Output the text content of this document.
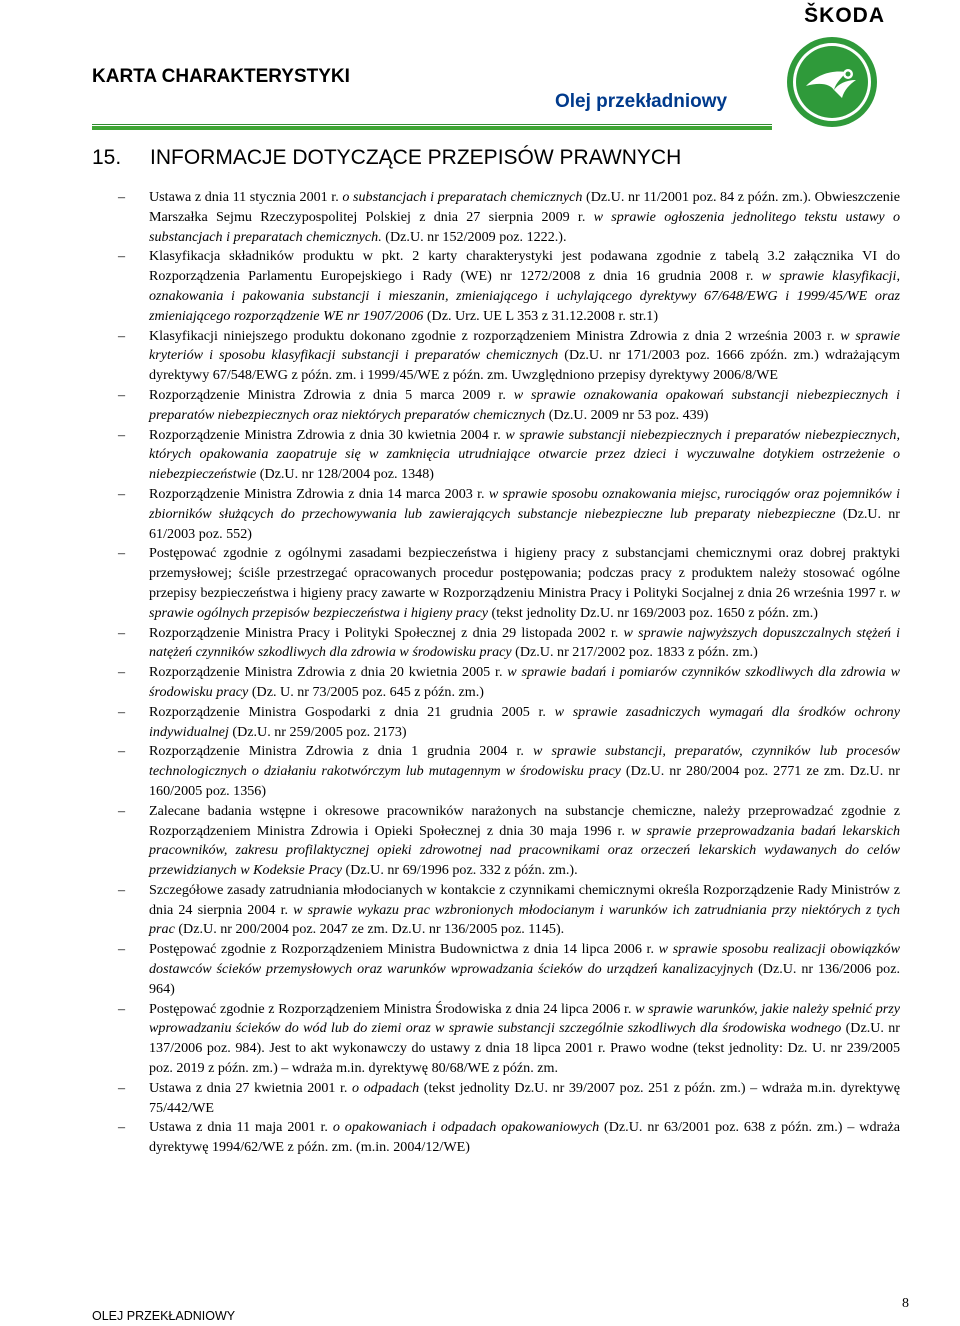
ŠKODA
KARTA CHARAKTERYSTYKI
Olej przekładniowy
15. INFORMACJE DOTYCZĄCE PRZEPISÓW PRAWNYCH

– Ustawa z dnia 11 stycznia 2001 r. o substancjach i preparatach chemicznych (Dz.U. nr 11/2001 poz. 84 z późn. zm.). Obwieszczenie Marszałka Sejmu Rzeczypospolitej Polskiej z dnia 27 sierpnia 2009 r. w sprawie ogłoszenia jednolitego tekstu ustawy o substancjach i preparatach chemicznych. (Dz.U. nr 152/2009 poz. 1222.).

– Klasyfikacja składników produktu w pkt. 2 karty charakterystyki jest podawana zgodnie z tabelą 3.2 załącznika VI do Rozporządzenia Parlamentu Europejskiego i Rady (WE) nr 1272/2008 z dnia 16 grudnia 2008 r. w sprawie klasyfikacji, oznakowania i pakowania substancji i mieszanin, zmieniającego i uchylającego dyrektywy 67/648/EWG i 1999/45/WE oraz zmieniającego rozporządzenie WE nr 1907/2006 (Dz. Urz. UE L 353 z 31.12.2008 r. str.1)

– Klasyfikacji niniejszego produktu dokonano zgodnie z rozporządzeniem Ministra Zdrowia z dnia 2 września 2003 r. w sprawie kryteriów i sposobu klasyfikacji substancji i preparatów chemicznych (Dz.U. nr 171/2003 poz. 1666 zpóźn. zm.) wdrażającym dyrektywy 67/548/EWG z późn. zm. i 1999/45/WE z późn. zm. Uwzględniono przepisy dyrektywy 2006/8/WE

– Rozporządzenie Ministra Zdrowia z dnia 5 marca 2009 r. w sprawie oznakowania opakowań substancji niebezpiecznych i preparatów niebezpiecznych oraz niektórych preparatów chemicznych (Dz.U. 2009 nr 53 poz. 439)

– Rozporządzenie Ministra Zdrowia z dnia 30 kwietnia 2004 r. w sprawie substancji niebezpiecznych i preparatów niebezpiecznych, których opakowania zaopatruje się w zamknięcia utrudniające otwarcie przez dzieci i wyczuwalne dotykiem ostrzeżenie o niebezpieczeństwie (Dz.U. nr 128/2004 poz. 1348)

– Rozporządzenie Ministra Zdrowia z dnia 14 marca 2003 r. w sprawie sposobu oznakowania miejsc, rurociągów oraz pojemników i zbiorników służących do przechowywania lub zawierających substancje niebezpieczne lub preparaty niebezpieczne (Dz.U. nr 61/2003 poz. 552)

– Postępować zgodnie z ogólnymi zasadami bezpieczeństwa i higieny pracy z substancjami chemicznymi oraz dobrej praktyki przemysłowej; ściśle przestrzegać opracowanych procedur postępowania; podczas pracy z produktem należy stosować ogólne przepisy bezpieczeństwa i higieny pracy zawarte w Rozporządzeniu Ministra Pracy i Polityki Socjalnej z dnia 26 września 1997 r. w sprawie ogólnych przepisów bezpieczeństwa i higieny pracy (tekst jednolity Dz.U. nr 169/2003 poz. 1650 z późn. zm.)

– Rozporządzenie Ministra Pracy i Polityki Społecznej z dnia 29 listopada 2002 r. w sprawie najwyższych dopuszczalnych stężeń i natężeń czynników szkodliwych dla zdrowia w środowisku pracy (Dz.U. nr 217/2002 poz. 1833 z późn. zm.)

– Rozporządzenie Ministra Zdrowia z dnia 20 kwietnia 2005 r. w sprawie badań i pomiarów czynników szkodliwych dla zdrowia w środowisku pracy (Dz. U. nr 73/2005 poz. 645 z późn. zm.)

– Rozporządzenie Ministra Gospodarki z dnia 21 grudnia 2005 r. w sprawie zasadniczych wymagań dla środków ochrony indywidualnej (Dz.U. nr 259/2005 poz. 2173)

– Rozporządzenie Ministra Zdrowia z dnia 1 grudnia 2004 r. w sprawie substancji, preparatów, czynników lub procesów technologicznych o działaniu rakotwórczym lub mutagennym w środowisku pracy (Dz.U. nr 280/2004 poz. 2771 ze zm. Dz.U. nr 160/2005 poz. 1356)

– Zalecane badania wstępne i okresowe pracowników narażonych na substancje chemiczne, należy przeprowadzać zgodnie z Rozporządzeniem Ministra Zdrowia i Opieki Społecznej z dnia 30 maja 1996 r. w sprawie przeprowadzania badań lekarskich pracowników, zakresu profilaktycznej opieki zdrowotnej nad pracownikami oraz orzeczeń lekarskich wydawanych do celów przewidzianych w Kodeksie Pracy (Dz.U. nr 69/1996 poz. 332 z późn. zm.).

– Szczegółowe zasady zatrudniania młodocianych w kontakcie z czynnikami chemicznymi określa Rozporządzenie Rady Ministrów z dnia 24 sierpnia 2004 r. w sprawie wykazu prac wzbronionych młodocianym i warunków ich zatrudniania przy niektórych z tych prac (Dz.U. nr 200/2004 poz. 2047 ze zm. Dz.U. nr 136/2005 poz. 1145).

– Postępować zgodnie z Rozporządzeniem Ministra Budownictwa z dnia 14 lipca 2006 r. w sprawie sposobu realizacji obowiązków dostawców ścieków przemysłowych oraz warunków wprowadzania ścieków do urządzeń kanalizacyjnych (Dz.U. nr 136/2006 poz. 964)

– Postępować zgodnie z Rozporządzeniem Ministra Środowiska z dnia 24 lipca 2006 r. w sprawie warunków, jakie należy spełnić przy wprowadzaniu ścieków do wód lub do ziemi oraz w sprawie substancji szczególnie szkodliwych dla środowiska wodnego (Dz.U. nr 137/2006 poz. 984). Jest to akt wykonawczy do ustawy z dnia 18 lipca 2001 r. Prawo wodne (tekst jednolity: Dz. U. nr 239/2005 poz. 2019 z późn. zm.) – wdraża m.in. dyrektywę 80/68/WE z późn. zm.

– Ustawa z dnia 27 kwietnia 2001 r. o odpadach (tekst jednolity Dz.U. nr 39/2007 poz. 251 z późn. zm.) – wdraża m.in. dyrektywę 75/442/WE

– Ustawa z dnia 11 maja 2001 r. o opakowaniach i odpadach opakowaniowych (Dz.U. nr 63/2001 poz. 638 z późn. zm.) – wdraża dyrektywę 1994/62/WE z późn. zm. (m.in. 2004/12/WE)

OLEJ PRZEKŁADNIOWY
8
